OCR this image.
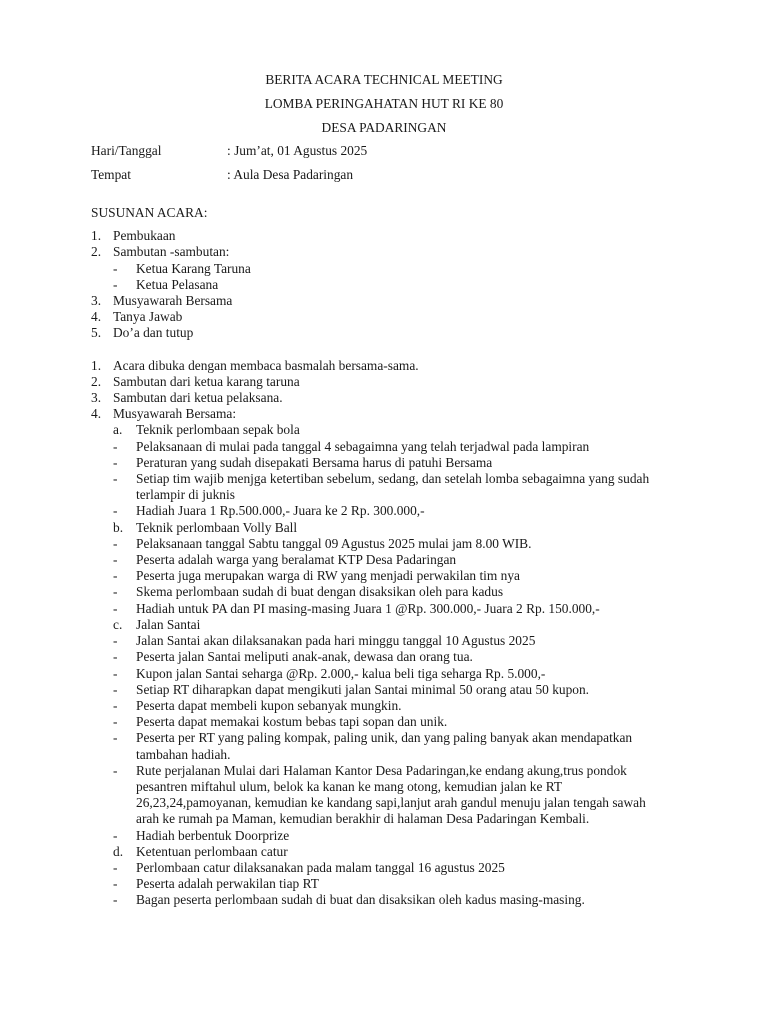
BERITA ACARA TECHNICAL MEETING

LOMBA PERINGAHATAN HUT RI KE 80

DESA PADARINGAN

Hari/Tanggal	: Jum’at, 01 Agustus 2025
Tempat	: Aula Desa Padaringan
SUSUNAN ACARA:
1. Pembukaan
2. Sambutan -sambutan:
-	Ketua Karang Taruna
-	Ketua Pelasana
3. Musyawarah Bersama
4. Tanya Jawab
5. Do’a dan tutup
1. Acara dibuka dengan membaca basmalah bersama-sama.
2. Sambutan dari ketua karang taruna
3. Sambutan dari ketua pelaksana.
4. Musyawarah Bersama:
a.	Teknik perlombaan sepak bola
-	Pelaksanaan di mulai pada tanggal 4 sebagaimna yang telah terjadwal pada lampiran
-	Peraturan yang sudah disepakati Bersama harus di patuhi Bersama
-	Setiap tim wajib menjga ketertiban sebelum, sedang, dan setelah lomba sebagaimna yang sudah terlampir di juknis
-	Hadiah Juara 1 Rp.500.000,- Juara ke 2 Rp. 300.000,-
b. Teknik perlombaan Volly Ball
-	Pelaksanaan tanggal Sabtu tanggal 09 Agustus 2025 mulai jam 8.00 WIB.
-	Peserta adalah warga yang beralamat KTP Desa Padaringan
-	Peserta juga merupakan warga di RW yang menjadi perwakilan tim nya
-	Skema perlombaan sudah di buat dengan disaksikan oleh para kadus
-	Hadiah untuk PA dan PI masing-masing Juara 1 @Rp. 300.000,- Juara 2 Rp. 150.000,-
c.	Jalan Santai
-	Jalan Santai akan dilaksanakan pada hari minggu tanggal 10 Agustus 2025
-	Peserta jalan Santai meliputi anak-anak, dewasa dan orang tua.
-	Kupon jalan Santai seharga @Rp. 2.000,- kalua beli tiga seharga Rp. 5.000,-
-	Setiap RT diharapkan dapat mengikuti jalan Santai minimal 50 orang atau 50 kupon.
-	Peserta dapat membeli kupon sebanyak mungkin.
-	Peserta dapat memakai kostum bebas tapi sopan dan unik.
-	Peserta per RT yang paling kompak, paling unik, dan yang paling banyak akan mendapatkan tambahan hadiah.
-	Rute perjalanan Mulai dari Halaman Kantor Desa Padaringan,ke endang akung,trus pondok pesantren miftahul ulum, belok ka kanan ke mang otong, kemudian jalan ke RT 26,23,24,pamoyanan, kemudian ke kandang sapi,lanjut arah gandul menuju jalan tengah sawah arah ke rumah pa Maman, kemudian berakhir di halaman Desa Padaringan Kembali.
-	Hadiah berbentuk Doorprize
d. Ketentuan perlombaan catur
-	Perlombaan catur dilaksanakan pada malam tanggal 16 agustus 2025
-	Peserta adalah perwakilan tiap RT
-	Bagan peserta perlombaan sudah di buat dan disaksikan oleh kadus masing-masing.
